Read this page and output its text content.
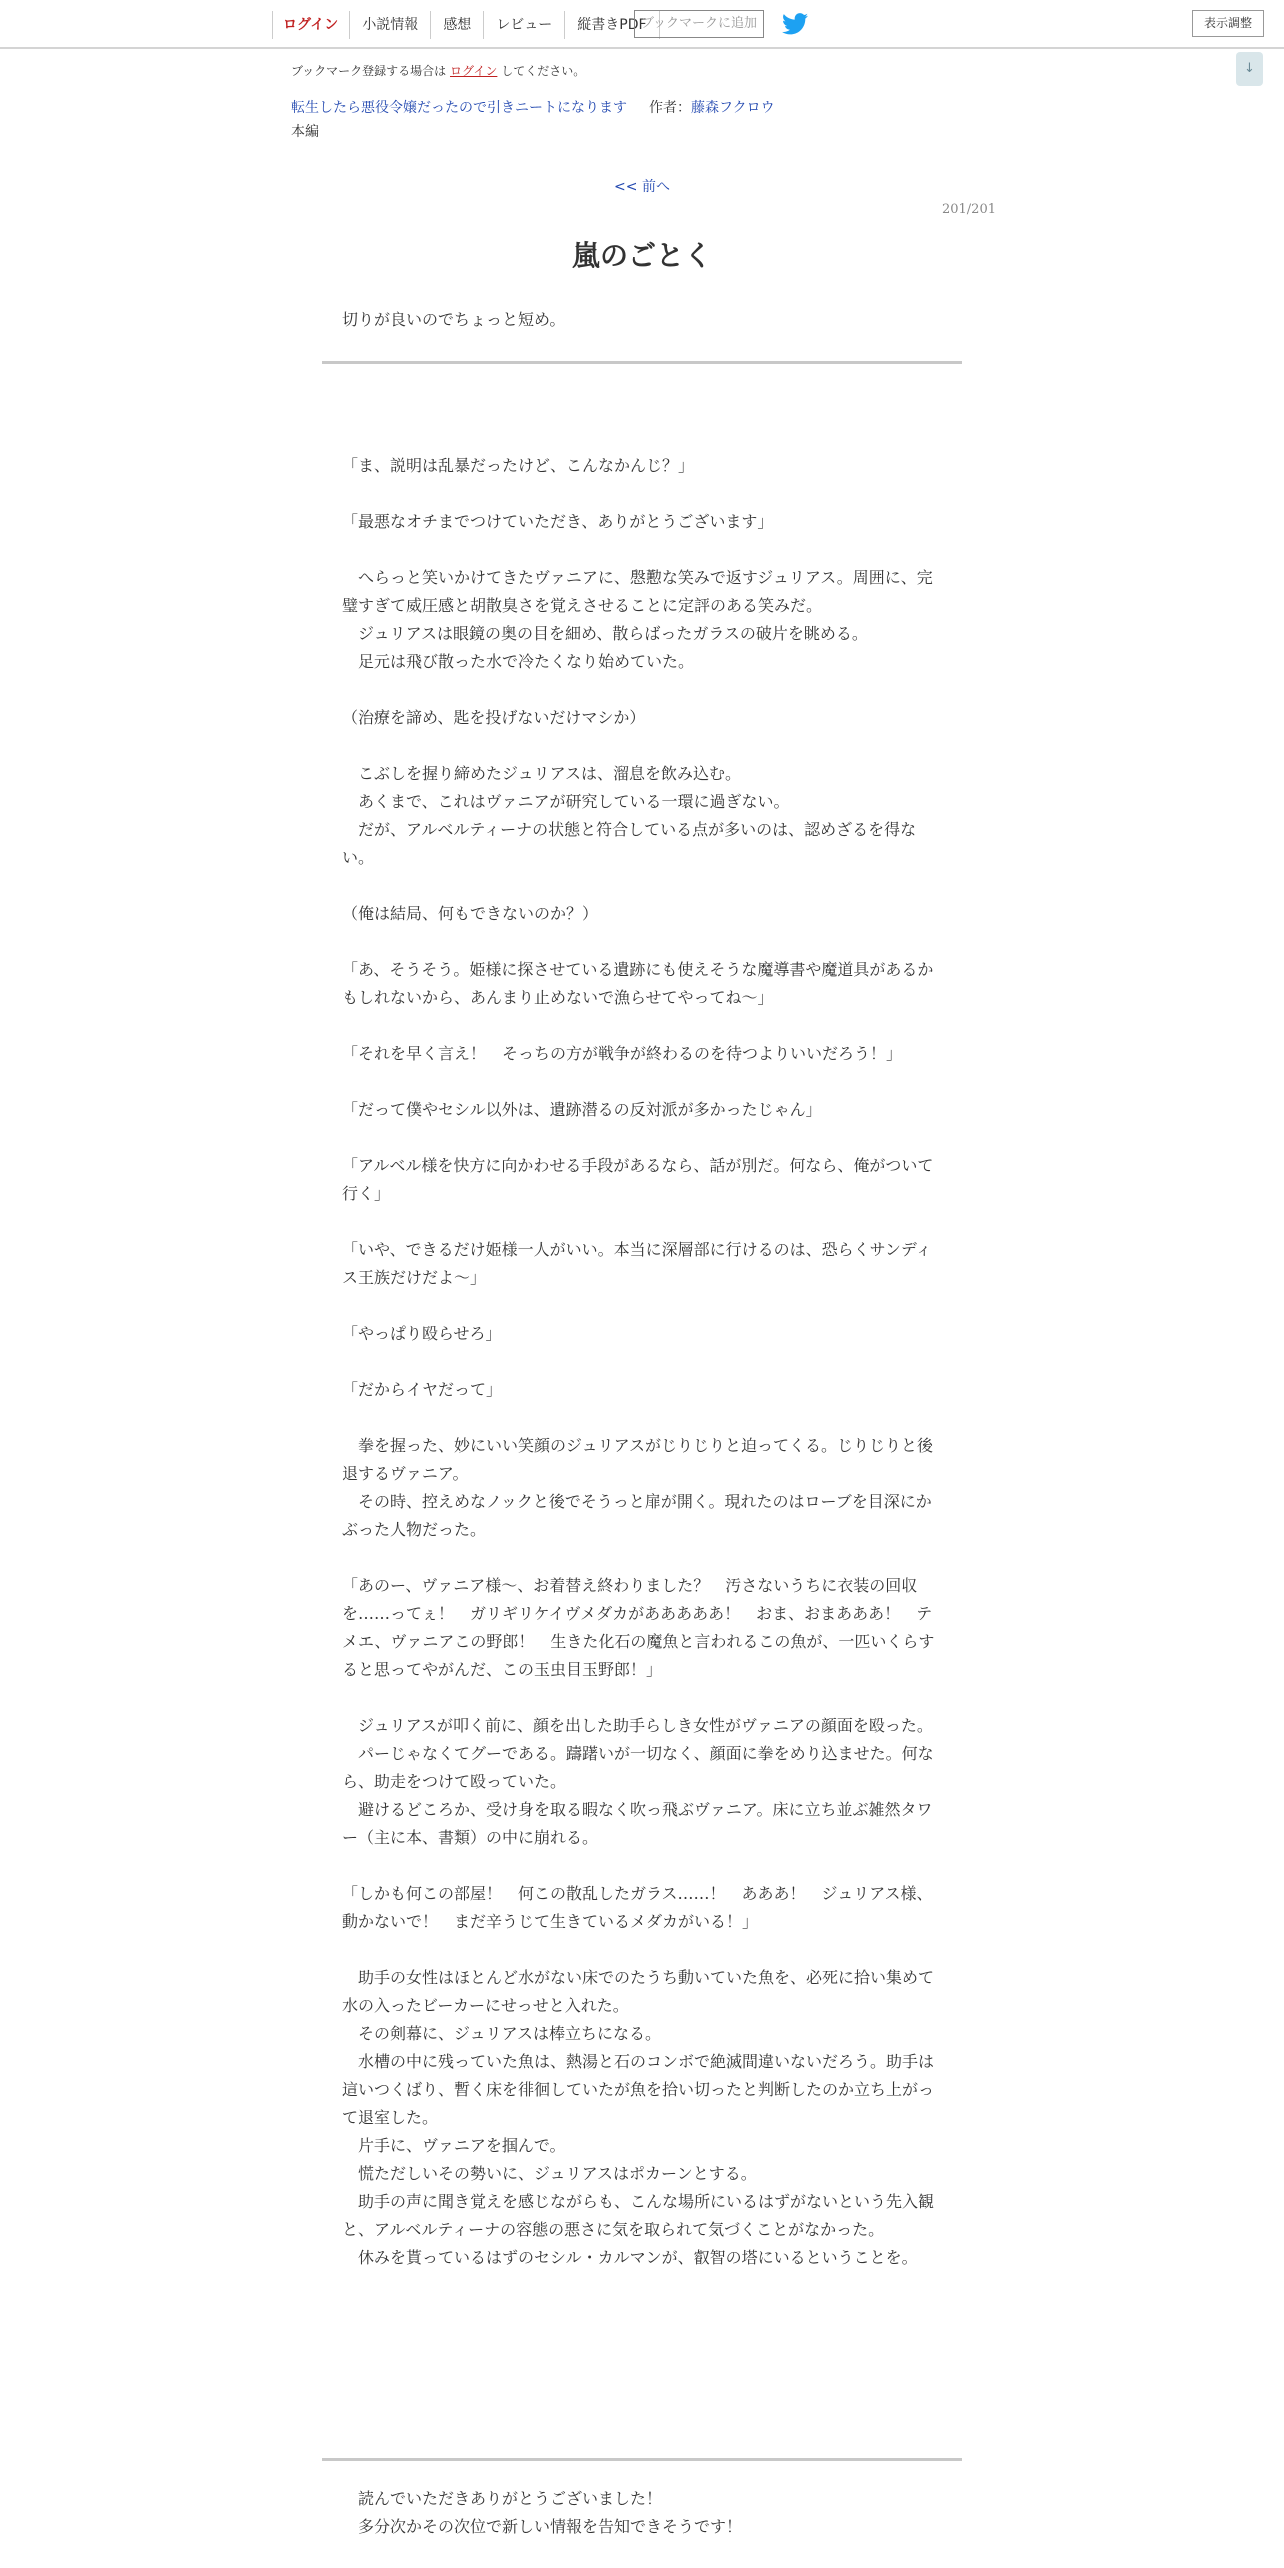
ログイン	小説情報	感想	レビュー	縦書きPDF
ブックマークに追加	表示調整
↓
ブックマーク登録する場合は ログイン してください。
転生したら悪役令嬢だったので引きニートになります 作者：藤森フクロウ
本編
<< 前へ
201/201
嵐のごとく
切りが良いのでちょっと短め。

「ま、説明は乱暴だったけど、こんなかんじ？」

「最悪なオチまでつけていただき、ありがとうございます」

　へらっと笑いかけてきたヴァニアに、慇懃な笑みで返すジュリアス。周囲に、完璧すぎて威圧感と胡散臭さを覚えさせることに定評のある笑みだ。

　ジュリアスは眼鏡の奥の目を細め、散らばったガラスの破片を眺める。

　足元は飛び散った水で冷たくなり始めていた。

（治療を諦め、匙を投げないだけマシか）

　こぶしを握り締めたジュリアスは、溜息を飲み込む。

　あくまで、これはヴァニアが研究している一環に過ぎない。

　だが、アルベルティーナの状態と符合している点が多いのは、認めざるを得ない。

（俺は結局、何もできないのか？）

「あ、そうそう。姫様に探させている遺跡にも使えそうな魔導書や魔道具があるかもしれないから、あんまり止めないで漁らせてやってね～」

「それを早く言え！　そっちの方が戦争が終わるのを待つよりいいだろう！」

「だって僕やセシル以外は、遺跡潜るの反対派が多かったじゃん」

「アルベル様を快方に向かわせる手段があるなら、話が別だ。何なら、俺がついて行く」

「いや、できるだけ姫様一人がいい。本当に深層部に行けるのは、恐らくサンディス王族だけだよ～」

「やっぱり殴らせろ」

「だからイヤだって」

　拳を握った、妙にいい笑顔のジュリアスがじりじりと迫ってくる。じりじりと後退するヴァニア。

　その時、控えめなノックと後でそうっと扉が開く。現れたのはローブを目深にかぶった人物だった。

「あのー、ヴァニア様～、お着替え終わりました？　汚さないうちに衣装の回収を……ってぇ！　ガリギリケイヴメダカがあああああ！　おま、おまあああ！　テメエ、ヴァニアこの野郎！　生きた化石の魔魚と言われるこの魚が、一匹いくらすると思ってやがんだ、この玉虫目玉野郎！」

　ジュリアスが叩く前に、顔を出した助手らしき女性がヴァニアの顔面を殴った。

　パーじゃなくてグーである。躊躇いが一切なく、顔面に拳をめり込ませた。何なら、助走をつけて殴っていた。

　避けるどころか、受け身を取る暇なく吹っ飛ぶヴァニア。床に立ち並ぶ雑然タワー（主に本、書類）の中に崩れる。

「しかも何この部屋！　何この散乱したガラス……！　あああ！　ジュリアス様、動かないで！　まだ辛うじて生きているメダカがいる！」

　助手の女性はほとんど水がない床でのたうち動いていた魚を、必死に拾い集めて水の入ったビーカーにせっせと入れた。

　その剣幕に、ジュリアスは棒立ちになる。

　水槽の中に残っていた魚は、熱湯と石のコンボで絶滅間違いないだろう。助手は這いつくばり、暫く床を徘徊していたが魚を拾い切ったと判断したのか立ち上がって退室した。

　片手に、ヴァニアを掴んで。

　慌ただしいその勢いに、ジュリアスはポカーンとする。

　助手の声に聞き覚えを感じながらも、こんな場所にいるはずがないという先入観と、アルベルティーナの容態の悪さに気を取られて気づくことがなかった。

　休みを貰っているはずのセシル・カルマンが、叡智の塔にいるということを。

　読んでいただきありがとうございました！

　多分次かその次位で新しい情報を告知できそうです！
